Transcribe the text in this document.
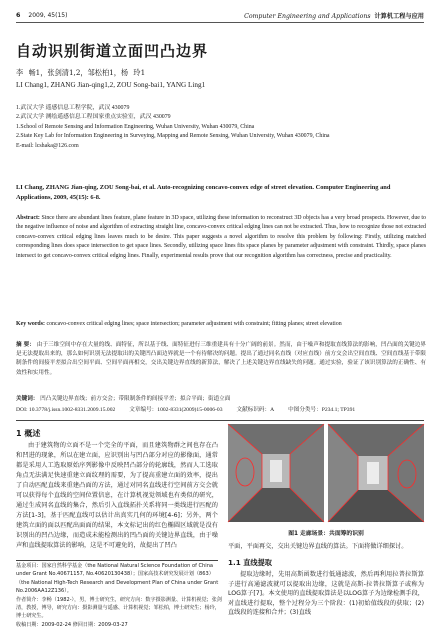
6 2009, 45(15)	Computer Engineering and Applications 计算机工程与应用
自动识别街道立面凹凸边界
李 畅1，张剑清1,2，邹松柏1，杨 玲1
LI Chang1, ZHANG Jian-qing1,2, ZOU Song-bai1, YANG Ling1
1.武汉大学 遥感信息工程学院，武汉 430079
2.武汉大学 测绘遥感信息工程国家重点实验室，武汉 430079
1.School of Remote Sensing and Information Engineering, Wuhan University, Wuhan 430079, China
2.State Key Lab for Information Engineering in Surveying, Mapping and Remote Sensing, Wuhan University, Wuhan 430079, China
E-mail: lcshaka@126.com
LI Chang, ZHANG Jian-qing, ZOU Song-bai, et al. Auto-recognizing concavo-convex edge of street elevation. Computer Engineering and Applications, 2009, 45(15): 6-8.
Abstract: Since there are abundant lines feature, plane feature in 3D space, utilizing these information to reconstruct 3D objects has a very broad prospects. However, due to the negative influence of noise and algorithm of extracting straight line, concavo-convex critical edging lines can not be extracted. Thus, how to recognize those not extracted concavo-convex critical edging lines leaves much to be desire. This paper suggests a novel algorithm to resolve this problem by following: Firstly, utilizing matched corresponding lines does space intersection to get space lines. Secondly, utilizing space lines fits space planes by parameter adjustment with constraint. Thirdly, space planes intersect to get concavo-convex critical edging lines. Finally, experimental results prove that our recognition algorithm has correctness, precise and practicality.
Key words: concavo-convex critical edging lines; space intersection; parameter adjustment with constraint; fitting planes; street elevation
摘 要： 由于三维空间中存在大量的线、面特征，所以基于线、面特征进行三维重建具有十分广阔的前景。然而，由于噪声和提取直线算法的影响，凹凸面的关键边界是无法提取出来的，那么如何识别无法提取出的关键凹凸面边界就是一个有待解决的问题。提出了通过同名直线（对应直线）前方交会出空间直线、空间直线基于带限制条件的间接平差拟合出空间平面、空间平面再相交，交出关键边界直线的新算法，解决了上述关键边界直线缺失的问题。通过实验，验证了该识别算法的正确性、有效性和实用性。
关键词： 凹凸关键边界直线；前方交会；带限制条件的间接平差；拟合平面；街道立面
DOI: 10.3778/j.issn.1002-8331.2009.15.002	文章编号：1002-8331(2009)15-0006-03	文献标识码：A	中图分类号：P234.1; TP391
1 概述
由于建筑物的立面不是一个完全的平面，而且建筑物群之间也存在凸和凹进的现象，所以在建立面，应识别出与凹凸部分对应的影像面，通常都是采用人工选取原始序列影像中反映凹凸部分的轮廓线，然而人工选取角点无法满足快速重建立面纹理的需要，为了提高重建立面的效率，提出了自动匹配直线来重建凸面的方法，通过对同名直线进行空间前方交会就可以获得每个直线的空间位置信息，在计算机视觉领域也有类似的研究，通过生成同名直线的集合，然后引入直线拓扑关系将同一类线进行匹配的方法[1-3]，基于匹配直线可以估计出真实几何的环境[4-6]；另外，两个建筑立面的面以匹配出面面的结果，本文标记出的红色椭圆区域就是没有识别出的凹凸边缘，而造成未能检测出的凹凸面的关键边界直线，由于噪声和直线提取算法的影响，这是不可避免的，故提出了凹凸
图1 走廊场景：共面筹的识别
平面，平面再交，交出关键边界直线的算法。下面将做详细探讨。
1.1 直线提取
提取边缘时，先用高斯函数进行低通滤波，然后再利用拉普拉斯算子进行高通滤波就可以提取出边缘，这就是高斯-拉普拉斯算子或称为LOG算子[7]。本文使用的直线提取算法是以LOG算子为边缘检测手段，对直线进行提取，整个过程分为三个阶段：(1)初始值线段的获取；(2)直线段的连接和合并；(3)直线
基金项目：国家自然科学基金（the National Natural Science Foundation of China under Grant No.40671157, No.40620130438）；国家高技术研究发展计划（863）（the National High-Tech Research and Development Plan of China under Grant No.2006AA12Z136）。
作者简介：李畅（1982-），男，博士研究生，研究方向：数字摄影测量、计算机视觉；张剑清，教授，博导，研究方向：摄影测量与遥感、计算机视觉；邹松柏，博士研究生；杨玲，博士研究生。
收稿日期：2009-02-24 修回日期：2009-03-27
